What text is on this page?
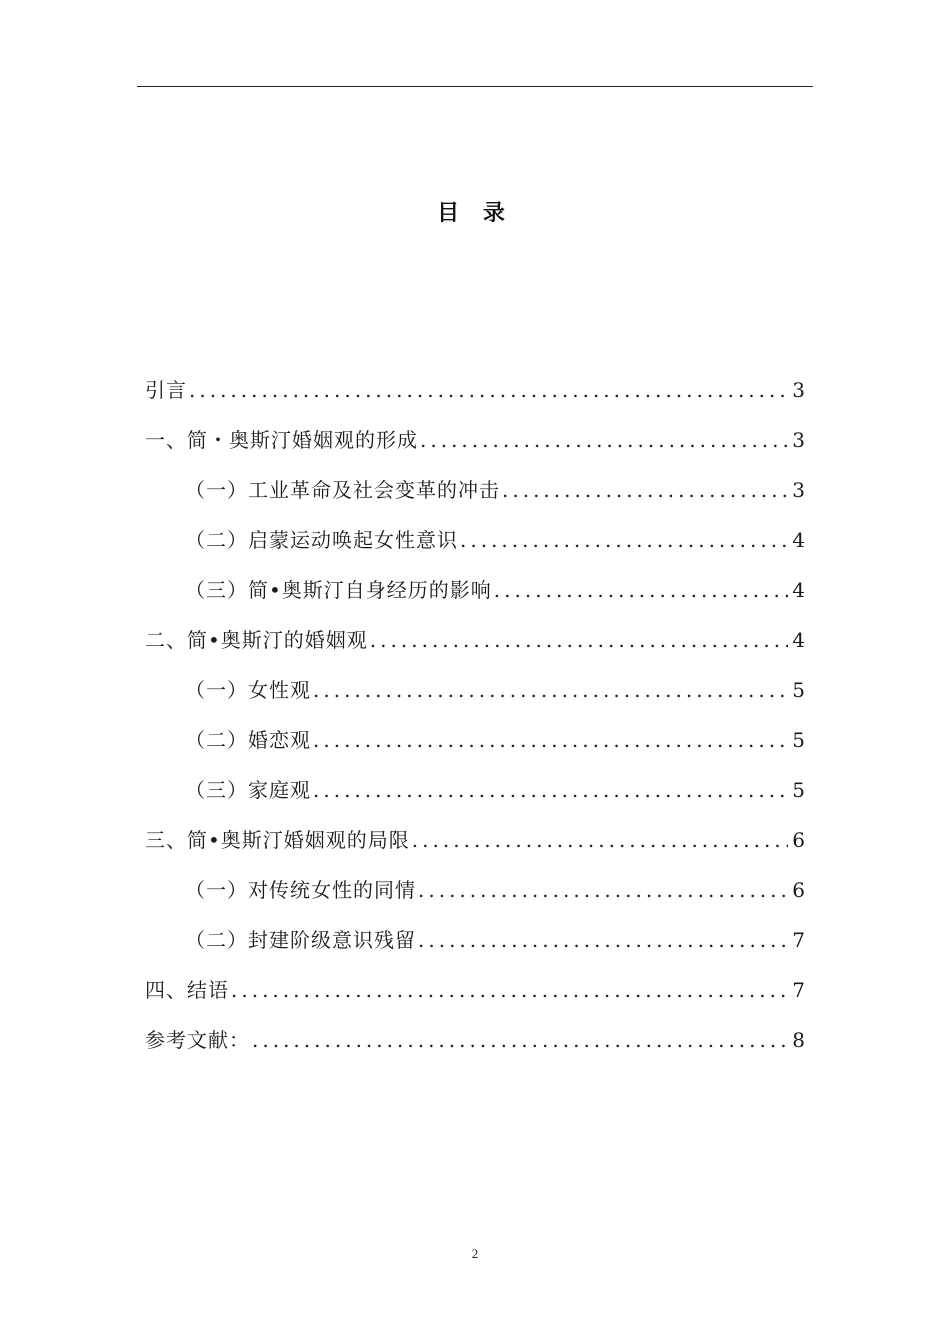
目 录
引言 .....	3
一、简・奥斯汀婚姻观的形成 .....	3
（一）工业革命及社会变革的冲击 .....	3
（二）启蒙运动唤起女性意识 .....	4
（三）简•奥斯汀自身经历的影响 .....	4
二、简•奥斯汀的婚姻观 .....	4
（一）女性观 .....	5
（二）婚恋观 .....	5
（三）家庭观 .....	5
三、简•奥斯汀婚姻观的局限 .....	6
（一）对传统女性的同情 .....	6
（二）封建阶级意识残留 .....	7
四、结语 .....	7
参考文献： .....	8
2
